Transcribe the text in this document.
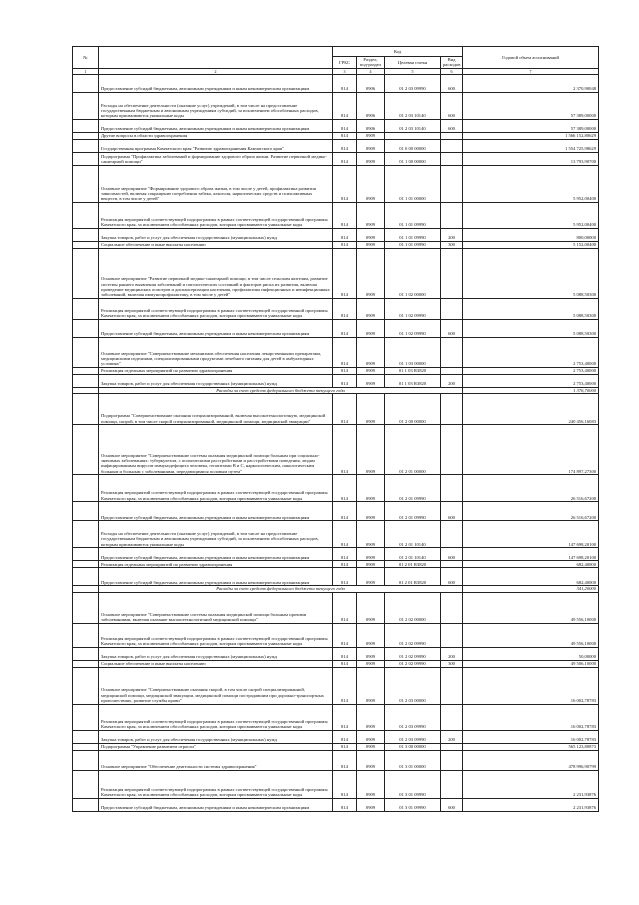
№		Код				Годовой объем ассигнований
		ГРБС	Раздел, под-раздел	Целевая статья	Вид расходов	
1	2	3	4	5	6	7
	Предоставление субсидий бюджетным, автономным учреждениям и иным некоммерческим организациям	814	0906	01 2 03 09990	600	2 370,90048
	Расходы на обеспечение деятельности (оказание услуг) учреждений, в том числе на предоставление государственным бюджетным и автономным учреждениям субсидий, за исключением обособленных расходов, которым присваиваются уникальные коды	814	0906	01 2 03 10140	600	57 389,00000
	Предоставление субсидий бюджетным, автономным учреждениям и иным некоммерческим организациям	814	0906	01 2 03 10140	600	57 389,00000
	Другие вопросы в области здравоохранения	814	0909			1 566 152,80629
	Государственная программа Камчатского края "Развитие здравоохранения Камчатского края"	814	0909	01 0 00 00000		1 554 725,98629
	Подпрограмма "Профилактика заболеваний и формирование здорового образа жизни. Развитие первичной медико-санитарной помощи"	814	0909	01 1 00 00000		13 793,90700
	Основное мероприятие "Формирование здорового образа жизни, в том числе у детей, профилактика развития зависимостей, включая сокращение потребления табака, алкоголя, наркотических средств и психоактивных веществ, в том числе у детей"	814	0909	01 1 01 00000		5 952,00400
	Реализация мероприятий соответствующей подпрограммы в рамках соответствующей государственной программы Камчатского края, за исключением обособленных расходов, которым присваиваются уникальные коды	814	0909	01 1 01 09990		5 952,00400
	Закупка товаров, работ и услуг для обеспечения государственных (муниципальных) нужд	814	0909	01 1 01 09990	200	800,00000
	Социальное обеспечение и иные выплаты населению	814	0909	01 1 01 09990	300	5 152,00400
	Основное мероприятие "Развитие первичной медико-санитарной помощи, в том числе сельским жителям, развитие системы раннего выявления заболеваний и патологических состояний и факторов риска их развития, включая проведение медицинских осмотров и диспансеризации населения, профилактика инфекционных и неинфекционных заболеваний, включая иммунопрофилактику, в том числе у детей"	814	0909	01 1 02 00000		5 088,50300
	Реализация мероприятий соответствующей подпрограммы в рамках соответствующей государственной программы Камчатского края, за исключением обособленных расходов, которым присваиваются уникальные коды	814	0909	01 1 02 09990		5 088,50300
	Предоставление субсидий бюджетным, автономным учреждениям и иным некоммерческим организациям	814	0909	01 1 02 09990	600	5 088,50300
	Основное мероприятие "Совершенствование механизмов обеспечения населения лекарственными препаратами, медицинскими изделиями, специализированными продуктами лечебного питания для детей в амбулаторных условиях"	814	0909	01 1 03 00000		2 753,40000
	Реализация отдельных мероприятий по развитию здравоохранения	814	0909	01 1 03 R3820		2 753,40000
	Закупка товаров, работ и услуг для обеспечения государственных (муниципальных) нужд	814	0909	01 1 03 R3820	200	2 753,40000
	Расходы за счет средств федерального бюджета текущего года					1 376,70000
	Подпрограмма "Совершенствование оказания специализированной, включая высокотехнологичную, медицинской помощи, скорой, в том числе скорой специализированной, медицинской помощи, медицинской эвакуации"	814	0909	01 2 00 00000		240 456,16083
	Основное мероприятие "Совершенствование системы оказания медицинской помощи больным при социально-значимых заболеваниях: туберкулезом, с психическими расстройствами и расстройствами поведения, людям инфицированным вирусом иммунодефицита человека, гепатитами В и С, наркологическим, онкологическим больным и больным с заболеваниями, передающимися половым путем"	814	0909	01 2 01 00000		174 897,27300
	Реализация мероприятий соответствующей подпрограммы в рамках соответствующей государственной программы Камчатского края, за исключением обособленных расходов, которым присваиваются уникальные коды	814	0909	01 2 01 09990		26 516,67200
	Предоставление субсидий бюджетным, автономным учреждениям и иным некоммерческим организациям	814	0909	01 2 01 09990	600	26 516,67200
	Расходы на обеспечение деятельности (оказание услуг) учреждений, в том числе на предоставление государственным бюджетным и автономным учреждениям субсидий, за исключением обособленных расходов, которым присваиваются уникальные коды	814	0909	01 2 01 10140		147 698,20100
	Предоставление субсидий бюджетным, автономным учреждениям и иным некоммерческим организациям	814	0909	01 2 01 10140	600	147 698,20100
	Реализация отдельных мероприятий по развитию здравоохранения	814	0909	01 2 01 R3820		682,40000
	Предоставление субсидий бюджетным, автономным учреждениям и иным некоммерческим организациям	814	0909	01 2 01 R3820	600	682,40000
	Расходы за счет средств федерального бюджета текущего года					341,20000
	Основное мероприятие "Совершенствование системы оказания медицинской помощи больным прочими заболеваниями, включая оказание высокотехнологичной медицинской помощи"	814	0909	01 2 02 00000		49 556,10000
	Реализация мероприятий соответствующей подпрограммы в рамках соответствующей государственной программы Камчатского края, за исключением обособленных расходов, которым присваиваются уникальные коды	814	0909	01 2 02 09990		49 556,10000
	Закупка товаров, работ и услуг для обеспечения государственных (муниципальных) нужд	814	0909	01 2 02 09990	200	50,00000
	Социальное обеспечение и иные выплаты населению	814	0909	01 2 02 09990	300	49 506,10000
	Основное мероприятие "Совершенствование оказания скорой, в том числе скорой специализированной, медицинской помощи, медицинской эвакуации, медицинской помощи пострадавшим при дорожно-транспортных происшествиях, развитие службы крови"	814	0909	01 2 03 00000		16 002,78783
	Реализация мероприятий соответствующей подпрограммы в рамках соответствующей государственной программы Камчатского края, за исключением обособленных расходов, которым присваиваются уникальные коды	814	0909	01 2 03 09990		16 002,78783
	Закупка товаров, работ и услуг для обеспечения государственных (муниципальных) нужд	814	0909	01 2 03 09990	200	16 002,78783
	Подпрограмма "Управление развитием отрасли"	814	0909	01 3 00 00000		565 123,80873
	Основное мероприятие "Обеспечение деятельности системы здравоохранения"	814	0909	01 3 01 00000		478 996,90799
	Реализация мероприятий соответствующей подпрограммы в рамках соответствующей государственной программы Камчатского края, за исключением обособленных расходов, которым присваиваются уникальные коды	814	0909	01 3 01 09990		2 231,93876
	Предоставление субсидий бюджетным, автономным учреждениям и иным некоммерческим организациям	814	0909	01 3 01 09990	600	2 231,93876
